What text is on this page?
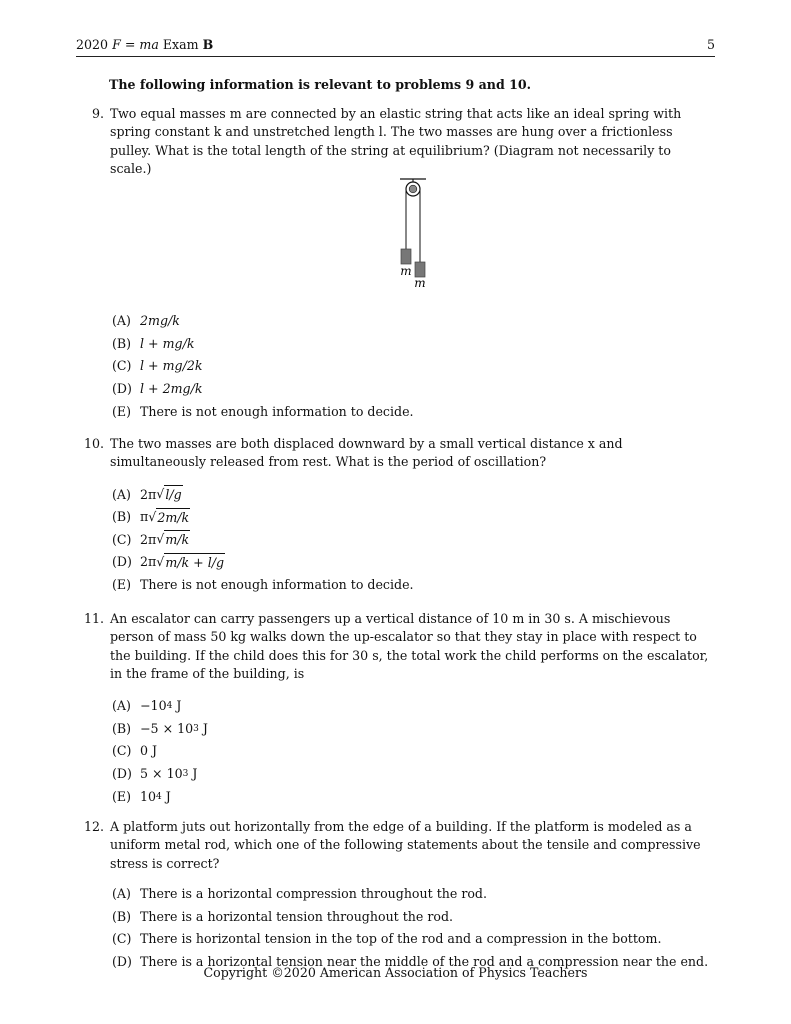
2020 F = ma Exam B	5
The following information is relevant to problems 9 and 10.
9. Two equal masses m are connected by an elastic string that acts like an ideal spring with spring constant k and unstretched length l. The two masses are hung over a frictionless pulley. What is the total length of the string at equilibrium? (Diagram not necessarily to scale.)
m
m
(A) 2mg/k
(B) l + mg/k
(C) l + mg/2k
(D) l + 2mg/k
(E) There is not enough information to decide.
10. The two masses are both displaced downward by a small vertical distance x and simultaneously released from rest. What is the period of oscillation?
(A) 2π √ l/g
(B) π √ 2m/k
(C) 2π √ m/k
(D) 2π √ m/k + l/g
(E) There is not enough information to decide.
11. An escalator can carry passengers up a vertical distance of 10 m in 30 s. A mischievous person of mass 50 kg walks down the up-escalator so that they stay in place with respect to the building. If the child does this for 30 s, the total work the child performs on the escalator, in the frame of the building, is
(A) −10 4 J
(B) −5 × 10 3 J
(C) 0 J
(D) 5 × 10 3 J
(E) 10 4 J
12. A platform juts out horizontally from the edge of a building. If the platform is modeled as a uniform metal rod, which one of the following statements about the tensile and compressive stress is correct?
(A) There is a horizontal compression throughout the rod.
(B) There is a horizontal tension throughout the rod.
(C) There is horizontal tension in the top of the rod and a compression in the bottom.
(D) There is a horizontal tension near the middle of the rod and a compression near the end.
Copyright ©2020 American Association of Physics Teachers
